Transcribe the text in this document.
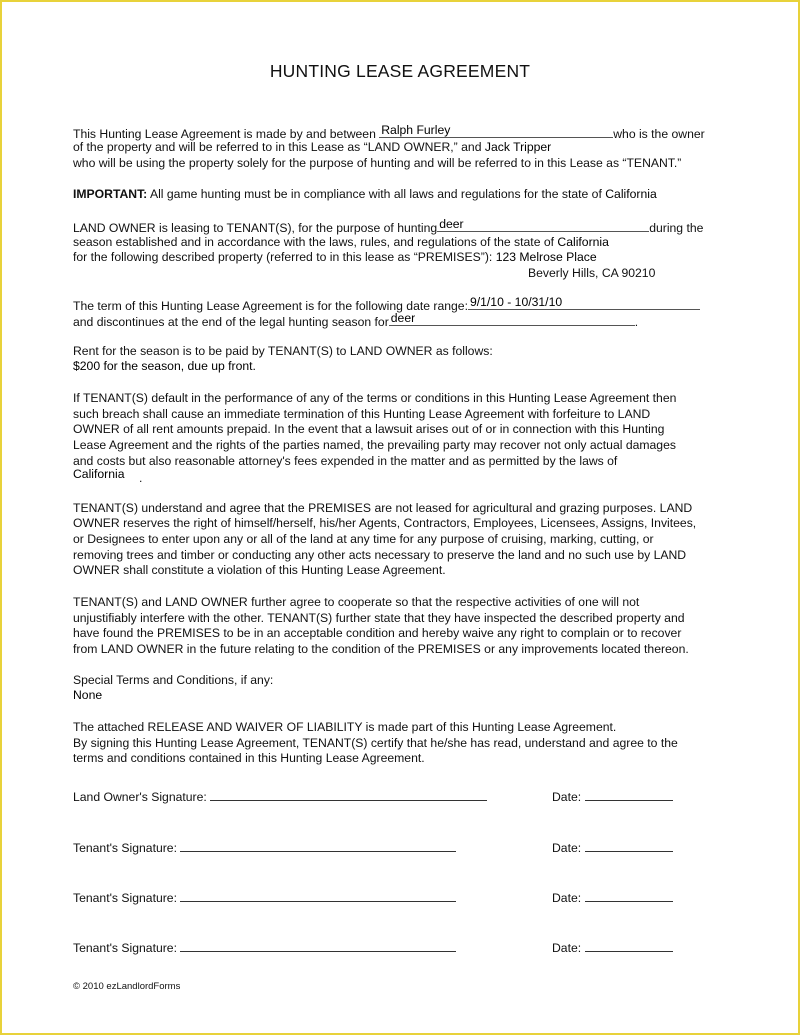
HUNTING LEASE AGREEMENT
This Hunting Lease Agreement is made by and between Ralph Furley	who is the owner
of the property and will be referred to in this Lease as “LAND OWNER,” and Jack Tripper
who will be using the property solely for the purpose of hunting and will be referred to in this Lease as “TENANT.”
IMPORTANT: All game hunting must be in compliance with all laws and regulations for the state of California
LAND OWNER is leasing to TENANT(S), for the purpose of hunting deer	during the
season established and in accordance with the laws, rules, and regulations of the state of California
for the following described property (referred to in this lease as “PREMISES”): 123 Melrose Place
Beverly Hills, CA 90210
The term of this Hunting Lease Agreement is for the following date range: 9/1/10 - 10/31/10
and discontinues at the end of the legal hunting season for deer	.
Rent for the season is to be paid by TENANT(S) to LAND OWNER as follows:
$200 for the season, due up front.
If TENANT(S) default in the performance of any of the terms or conditions in this Hunting Lease Agreement then
such breach shall cause an immediate termination of this Hunting Lease Agreement with forfeiture to LAND
OWNER of all rent amounts prepaid. In the event that a lawsuit arises out of or in connection with this Hunting
Lease Agreement and the rights of the parties named, the prevailing party may recover not only actual damages
and costs but also reasonable attorney's fees expended in the matter and as permitted by the laws of
California .
TENANT(S) understand and agree that the PREMISES are not leased for agricultural and grazing purposes. LAND
OWNER reserves the right of himself/herself, his/her Agents, Contractors, Employees, Licensees, Assigns, Invitees,
or Designees to enter upon any or all of the land at any time for any purpose of cruising, marking, cutting, or
removing trees and timber or conducting any other acts necessary to preserve the land and no such use by LAND
OWNER shall constitute a violation of this Hunting Lease Agreement.
TENANT(S) and LAND OWNER further agree to cooperate so that the respective activities of one will not
unjustifiably interfere with the other. TENANT(S) further state that they have inspected the described property and
have found the PREMISES to be in an acceptable condition and hereby waive any right to complain or to recover
from LAND OWNER in the future relating to the condition of the PREMISES or any improvements located thereon.
Special Terms and Conditions, if any:
None
The attached RELEASE AND WAIVER OF LIABILITY is made part of this Hunting Lease Agreement.
By signing this Hunting Lease Agreement, TENANT(S) certify that he/she has read, understand and agree to the
terms and conditions contained in this Hunting Lease Agreement.
Land Owner's Signature:	Date:
Tenant's Signature:	Date:
Tenant's Signature:	Date:
Tenant's Signature:	Date:
© 2010 ezLandlordForms
